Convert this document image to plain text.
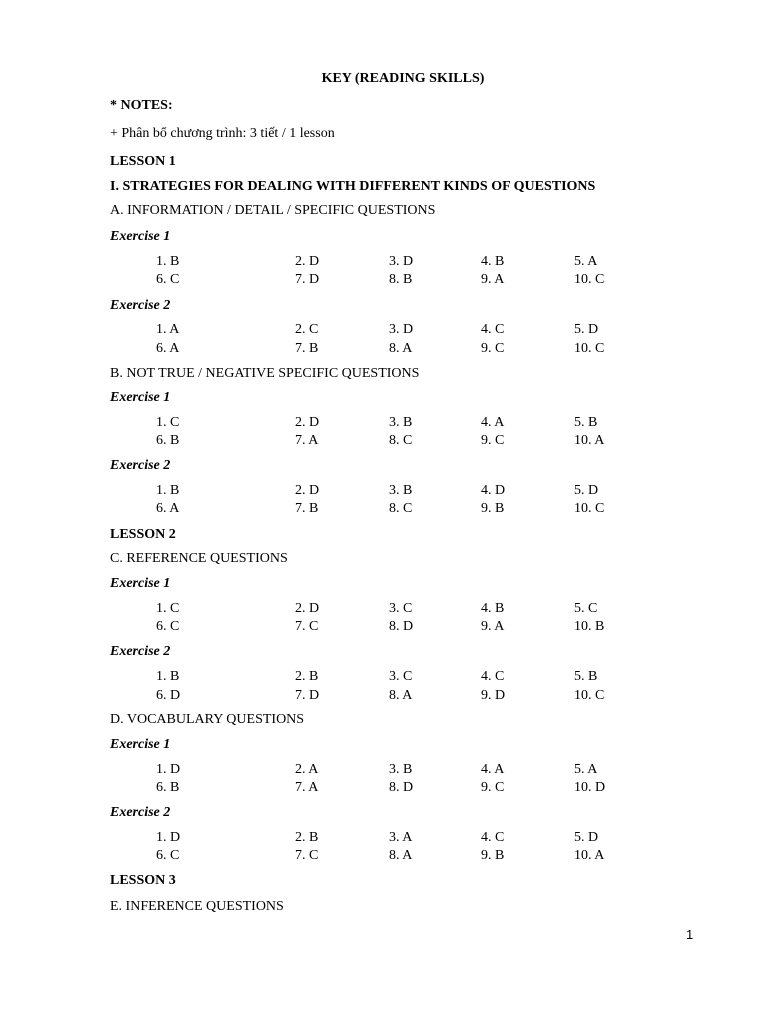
KEY (READING SKILLS)
* NOTES:
+ Phân bổ chương trình: 3 tiết / 1 lesson
LESSON 1
I. STRATEGIES FOR DEALING WITH DIFFERENT KINDS OF QUESTIONS
A. INFORMATION / DETAIL / SPECIFIC QUESTIONS
Exercise 1
1. B	2. D	3. D	4. B	5. A
6. C	7. D	8. B	9. A	10. C
Exercise 2
1. A	2. C	3. D	4. C	5. D
6. A	7. B	8. A	9. C	10. C
B. NOT TRUE / NEGATIVE SPECIFIC QUESTIONS
Exercise 1
1. C	2. D	3. B	4. A	5. B
6. B	7. A	8. C	9. C	10. A
Exercise 2
1. B	2. D	3. B	4. D	5. D
6. A	7. B	8. C	9. B	10. C
LESSON 2
C. REFERENCE QUESTIONS
Exercise 1
1. C	2. D	3. C	4. B	5. C
6. C	7. C	8. D	9. A	10. B
Exercise 2
1. B	2. B	3. C	4. C	5. B
6. D	7. D	8. A	9. D	10. C
D. VOCABULARY QUESTIONS
Exercise 1
1. D	2. A	3. B	4. A	5. A
6. B	7. A	8. D	9. C	10. D
Exercise 2
1. D	2. B	3. A	4. C	5. D
6. C	7. C	8. A	9. B	10. A
LESSON 3
E. INFERENCE QUESTIONS
1
